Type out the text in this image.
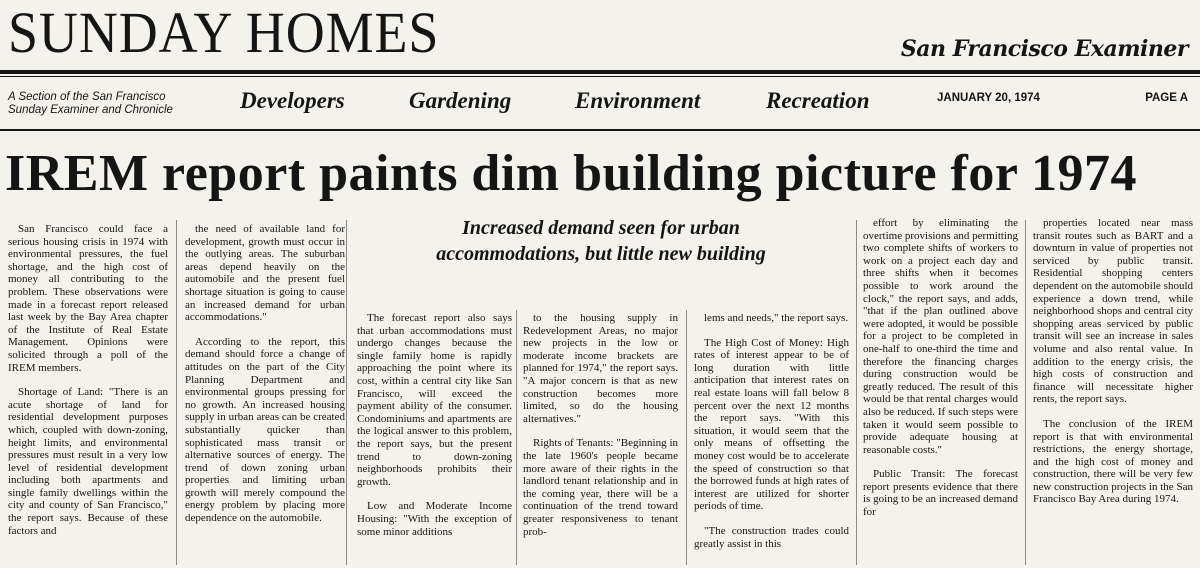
SUNDAY HOMES	San Francisco Examiner
A Section of the San Francisco
Sunday Examiner and Chronicle	Developers	Gardening	Environment	Recreation	JANUARY 20, 1974	PAGE A
IREM report paints dim building picture for 1974
Increased demand seen for urban
accommodations, but little new building

San Francisco could face a serious housing crisis in 1974 with environmental pressures, the fuel shortage, and the high cost of money all contributing to the problem. These observations were made in a forecast report released last week by the Bay Area chapter of the Institute of Real Estate Management. Opinions were solicited through a poll of the IREM members.

Shortage of Land: "There is an acute shortage of land for residential development purposes which, coupled with down-zoning, height limits, and environmental pressures must result in a very low level of residential development including both apartments and single family dwellings within the city and county of San Francisco," the report says. Because of these factors and

the need of available land for development, growth must occur in the outlying areas. The suburban areas depend heavily on the automobile and the present fuel shortage situation is going to cause an increased demand for urban accommodations."

According to the report, this demand should force a change of attitudes on the part of the City Planning Department and environmental groups pressing for no growth. An increased housing supply in urban areas can be created substantially quicker than sophisticated mass transit or alternative sources of energy. The trend of down zoning urban properties and limiting urban growth will merely compound the energy problem by placing more dependence on the automobile.

The forecast report also says that urban accommodations must undergo changes because the single family home is rapidly approaching the point where its cost, within a central city like San Francisco, will exceed the payment ability of the consumer. Condominiums and apartments are the logical answer to this problem, the report says, but the present trend to down-zoning neighborhoods prohibits their growth.

Low and Moderate Income Housing: "With the exception of some minor additions

to the housing supply in Redevelopment Areas, no major new projects in the low or moderate income brackets are planned for 1974," the report says. "A major concern is that as new construction becomes more limited, so do the housing alternatives."

Rights of Tenants: "Beginning in the late 1960's people became more aware of their rights in the landlord tenant relationship and in the coming year, there will be a continuation of the trend toward greater responsiveness to tenant prob-

lems and needs," the report says.

The High Cost of Money: High rates of interest appear to be of long duration with little anticipation that interest rates on real estate loans will fall below 8 percent over the next 12 months the report says. "With this situation, it would seem that the only means of offsetting the money cost would be to accelerate the speed of construction so that the borrowed funds at high rates of interest are utilized for shorter periods of time.

"The construction trades could greatly assist in this

effort by eliminating the overtime provisions and permitting two complete shifts of workers to work on a project each day and three shifts when it becomes possible to work around the clock," the report says, and adds, "that if the plan outlined above were adopted, it would be possible for a project to be completed in one-half to one-third the time and therefore the financing charges during construction would be greatly reduced. The result of this would be that rental charges would also be reduced. If such steps were taken it would seem possible to provide adequate housing at reasonable costs."

Public Transit: The forecast report presents evidence that there is going to be an increased demand for

properties located near mass transit routes such as BART and a downturn in value of properties not serviced by public transit. Residential shopping centers dependent on the automobile should experience a down trend, while neighborhood shops and central city shopping areas serviced by public transit will see an increase in sales volume and also rental value. In addition to the energy crisis, the high costs of construction and finance will necessitate higher rents, the report says.

The conclusion of the IREM report is that with environmental restrictions, the energy shortage, and the high cost of money and construction, there will be very few new construction projects in the San Francisco Bay Area during 1974.
